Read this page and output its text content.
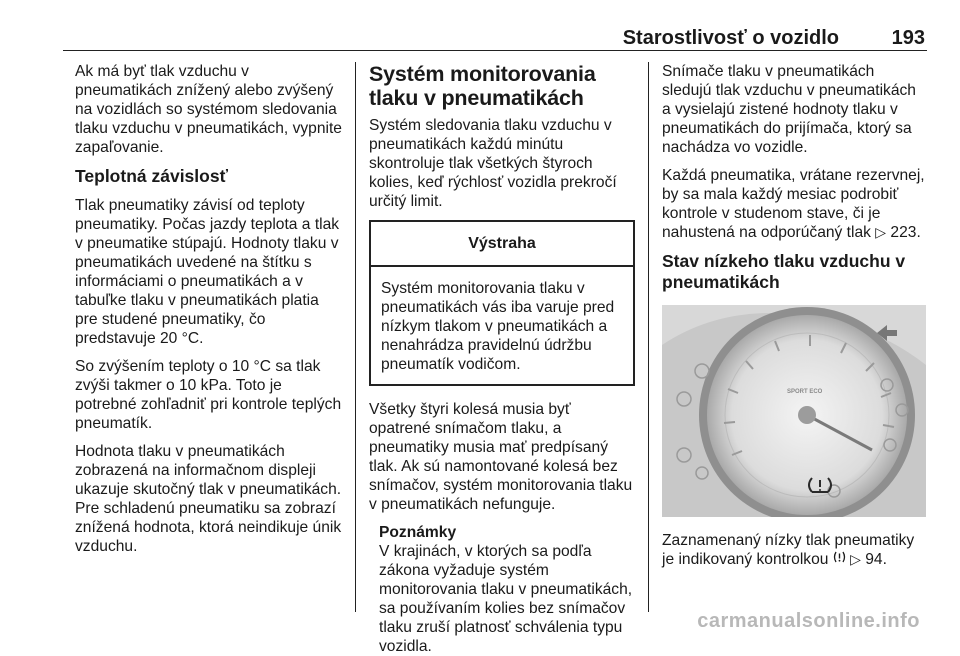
Starostlivosť o vozidlo	193

Ak má byť tlak vzduchu v pneumatikách znížený alebo zvýšený na vozidlách so systémom sledovania tlaku vzduchu v pneumatikách, vypnite zapaľovanie.

Teplotná závislosť

Tlak pneumatiky závisí od teploty pneumatiky. Počas jazdy teplota a tlak v pneumatike stúpajú. Hodnoty tlaku v pneumatikách uvedené na štítku s informáciami o pneumatikách a v tabuľke tlaku v pneumatikách platia pre studené pneumatiky, čo predstavuje 20 °C.

So zvýšením teploty o 10 °C sa tlak zvýši takmer o 10 kPa. Toto je potrebné zohľadniť pri kontrole teplých pneumatík.

Hodnota tlaku v pneumatikách zobrazená na informačnom displeji ukazuje skutočný tlak v pneumatikách. Pre schladenú pneumatiku sa zobrazí znížená hodnota, ktorá neindikuje únik vzduchu.

Systém monitorovania tlaku v pneumatikách

Systém sledovania tlaku vzduchu v pneumatikách každú minútu skontroluje tlak všetkých štyroch kolies, keď rýchlosť vozidla prekročí určitý limit.

Výstraha
Systém monitorovania tlaku v pneumatikách vás iba varuje pred nízkym tlakom v pneumatikách a nenahrádza pravidelnú údržbu pneumatík vodičom.

Všetky štyri kolesá musia byť opatrené snímačom tlaku, a pneumatiky musia mať predpísaný tlak. Ak sú namontované kolesá bez snímačov, systém monitorovania tlaku v pneumatikách nefunguje.

Poznámky
V krajinách, v ktorých sa podľa zákona vyžaduje systém monitorovania tlaku v pneumatikách, sa používaním kolies bez snímačov tlaku zruší platnosť schválenia typu vozidla.

Snímače tlaku v pneumatikách sledujú tlak vzduchu v pneumatikách a vysielajú zistené hodnoty tlaku v pneumatikách do prijímača, ktorý sa nachádza vo vozidle.

Každá pneumatika, vrátane rezervnej, by sa mala každý mesiac podrobiť kontrole v studenom stave, či je nahustená na odporúčaný tlak ▷ 223.

Stav nízkeho tlaku vzduchu v pneumatikách
SPORT ECO

Zaznamenaný nízky tlak pneumatiky je indikovaný kontrolkou ▷ 94.

carmanualsonline.info
